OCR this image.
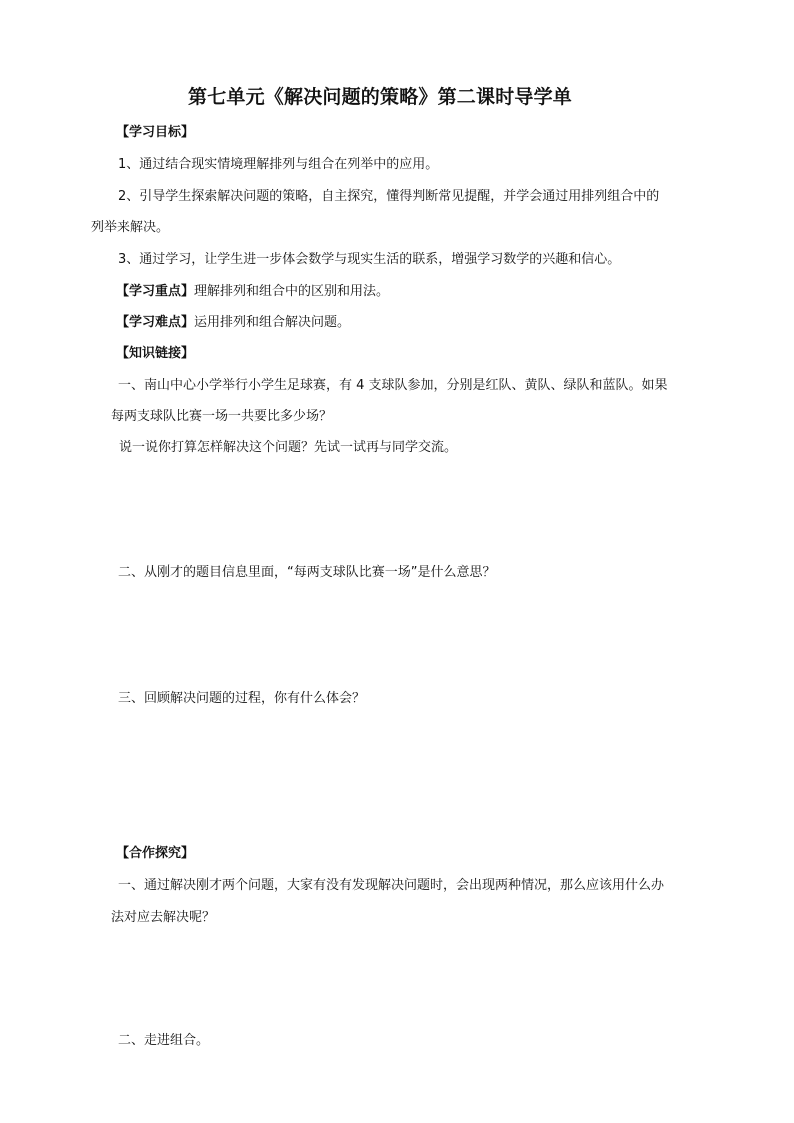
第七单元《解决问题的策略》第二课时导学单
【学习目标】
1、通过结合现实情境理解排列与组合在列举中的应用。
2、引导学生探索解决问题的策略，自主探究，懂得判断常见提醒，并学会通过用排列组合中的
列举来解决。
3、通过学习，让学生进一步体会数学与现实生活的联系，增强学习数学的兴趣和信心。
【学习重点】理解排列和组合中的区别和用法。
【学习难点】运用排列和组合解决问题。
【知识链接】
一、南山中心小学举行小学生足球赛，有 4 支球队参加，分别是红队、黄队、绿队和蓝队。如果
每两支球队比赛一场一共要比多少场？
说一说你打算怎样解决这个问题？先试一试再与同学交流。
二、从刚才的题目信息里面，“每两支球队比赛一场”是什么意思？
三、回顾解决问题的过程，你有什么体会？
【合作探究】
一、通过解决刚才两个问题，大家有没有发现解决问题时，会出现两种情况，那么应该用什么办
法对应去解决呢？
二、走进组合。
